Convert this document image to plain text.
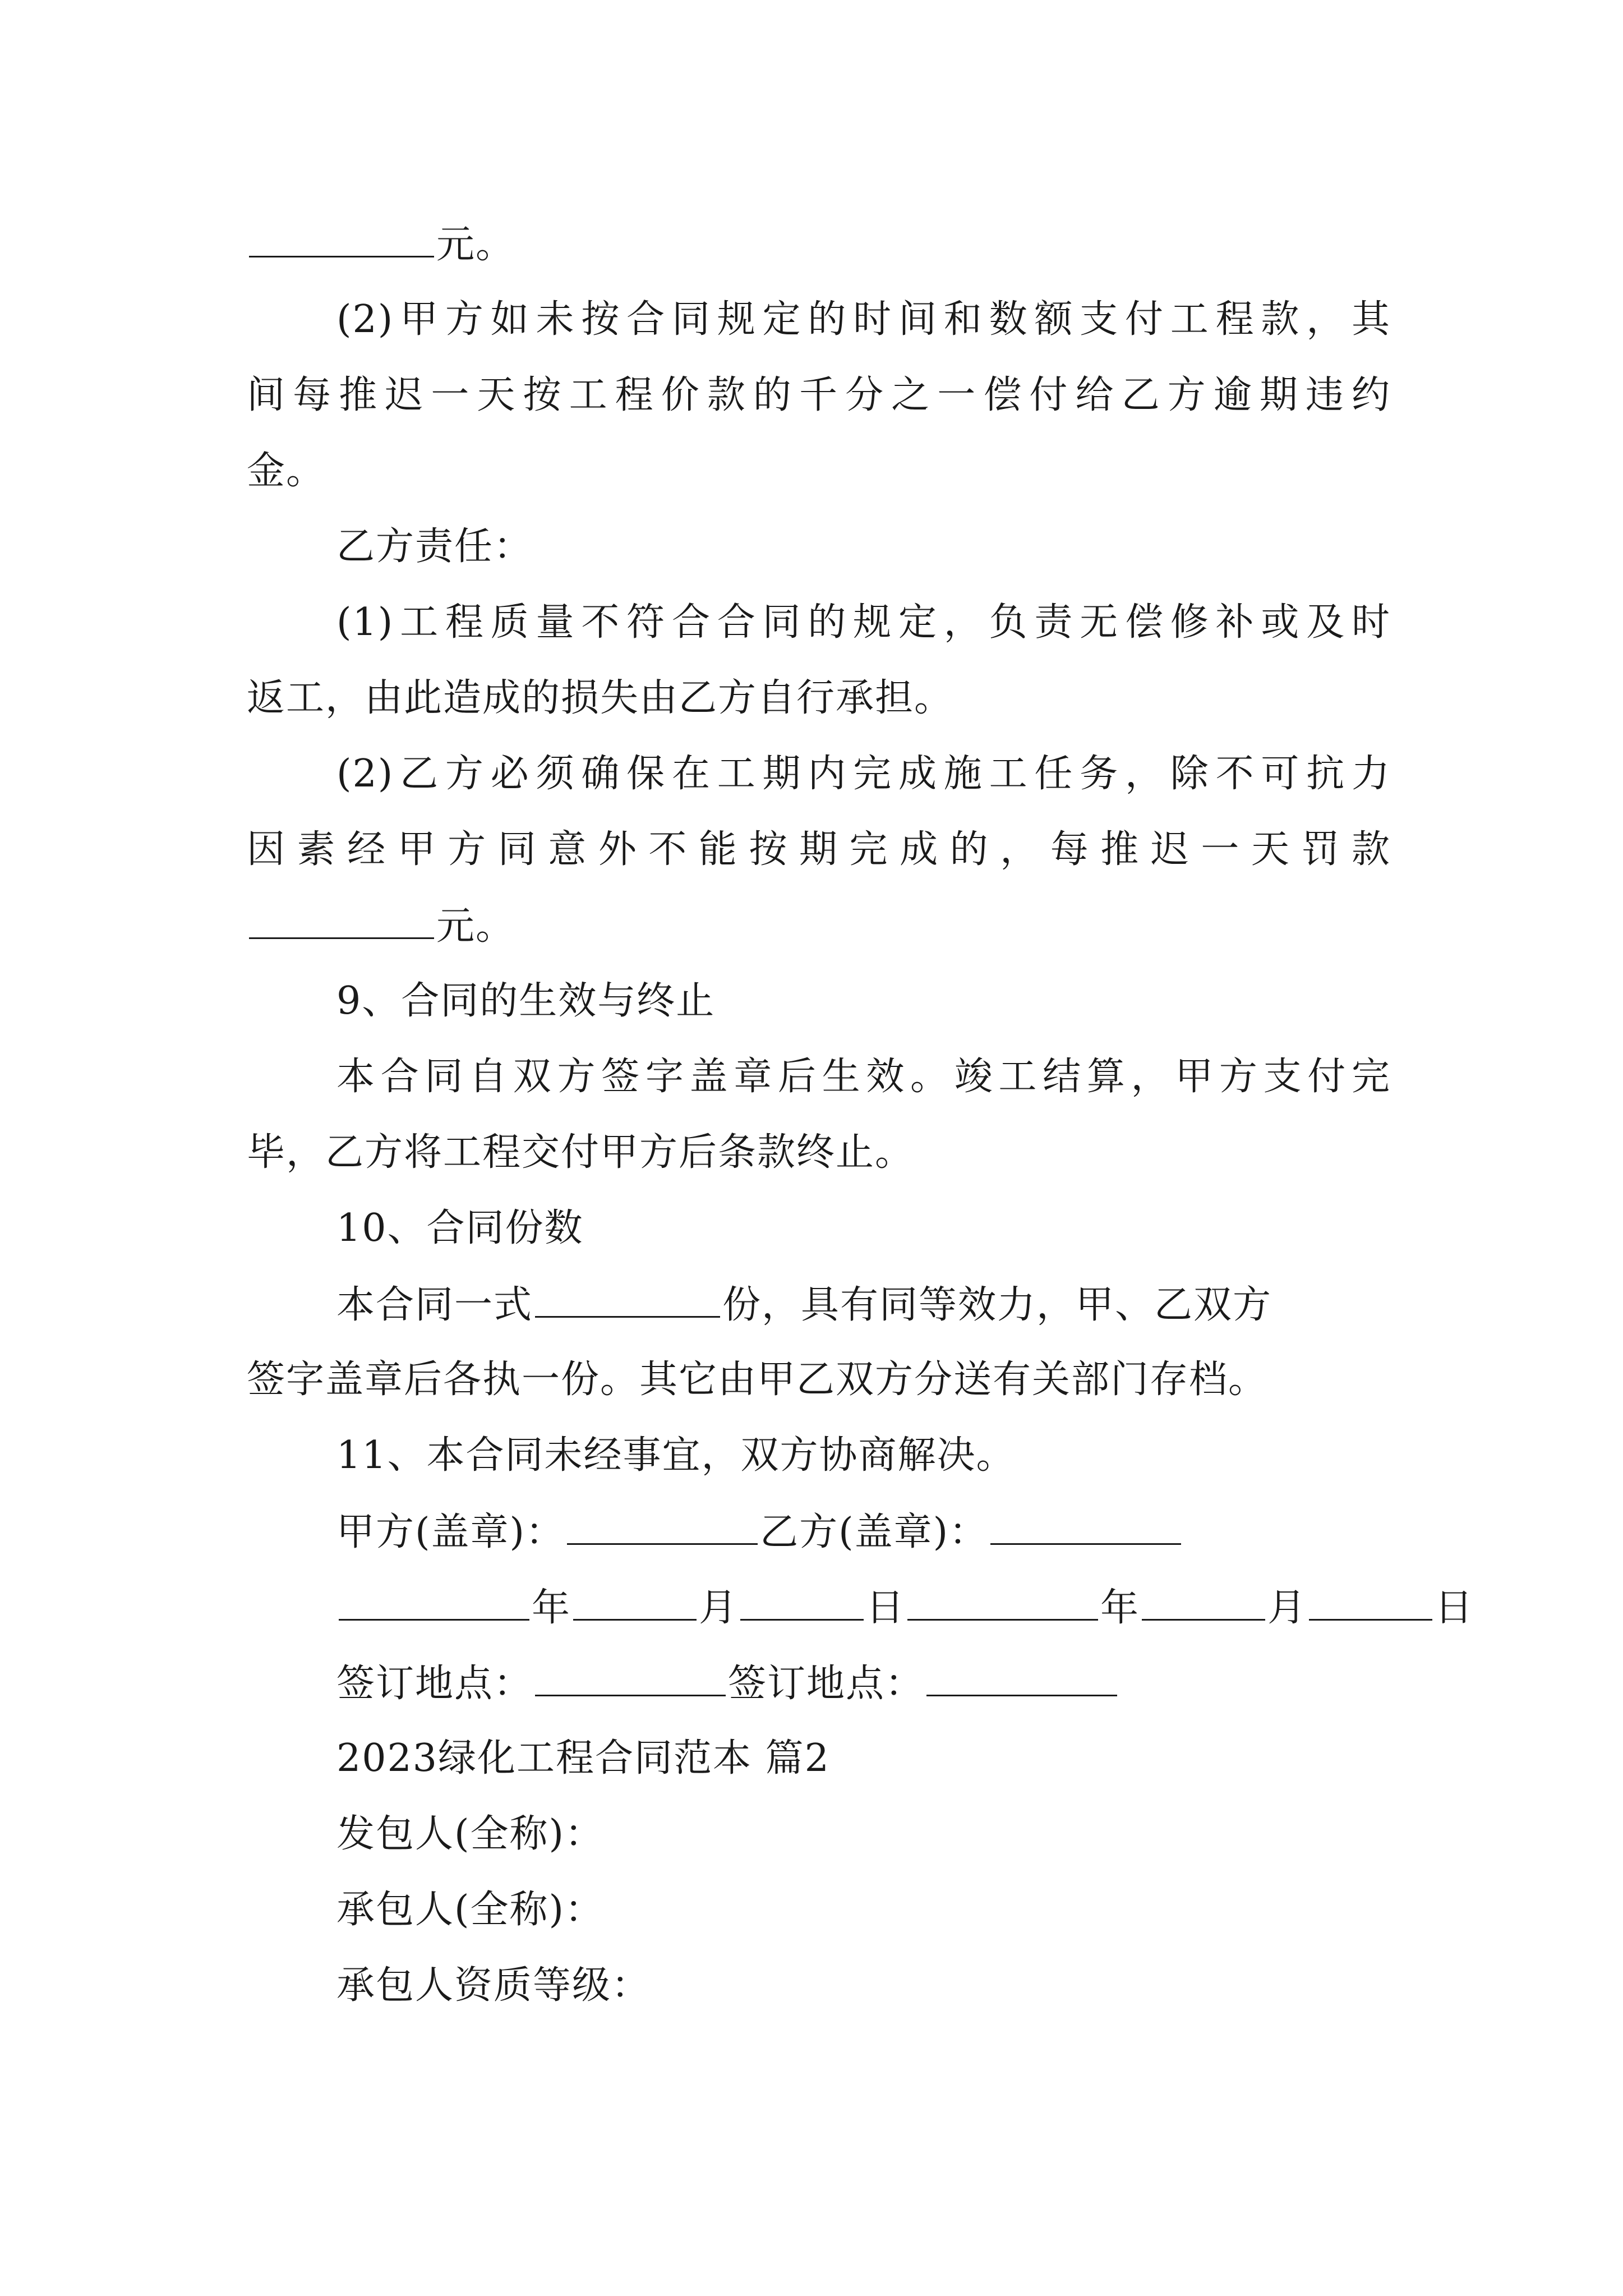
元。
(2)甲方如未按合同规定的时间和数额支付工程款，其
间每推迟一天按工程价款的千分之一偿付给乙方逾期违约
金。
乙方责任：
(1)工程质量不符合合同的规定，负责无偿修补或及时
返工，由此造成的损失由乙方自行承担。
(2)乙方必须确保在工期内完成施工任务，除不可抗力
因素经甲方同意外不能按期完成的，每推迟一天罚款
元。
9、合同的生效与终止
本合同自双方签字盖章后生效。竣工结算，甲方支付完
毕，乙方将工程交付甲方后条款终止。
10、合同份数
本合同一式	份，具有同等效力，甲、乙双方
签字盖章后各执一份。其它由甲乙双方分送有关部门存档。
11、本合同未经事宜，双方协商解决。
甲方(盖章)：	乙方(盖章)：
年	月	日	年	月	日
签订地点：	签订地点：
2023绿化工程合同范本 篇2
发包人(全称)：
承包人(全称)：
承包人资质等级：
